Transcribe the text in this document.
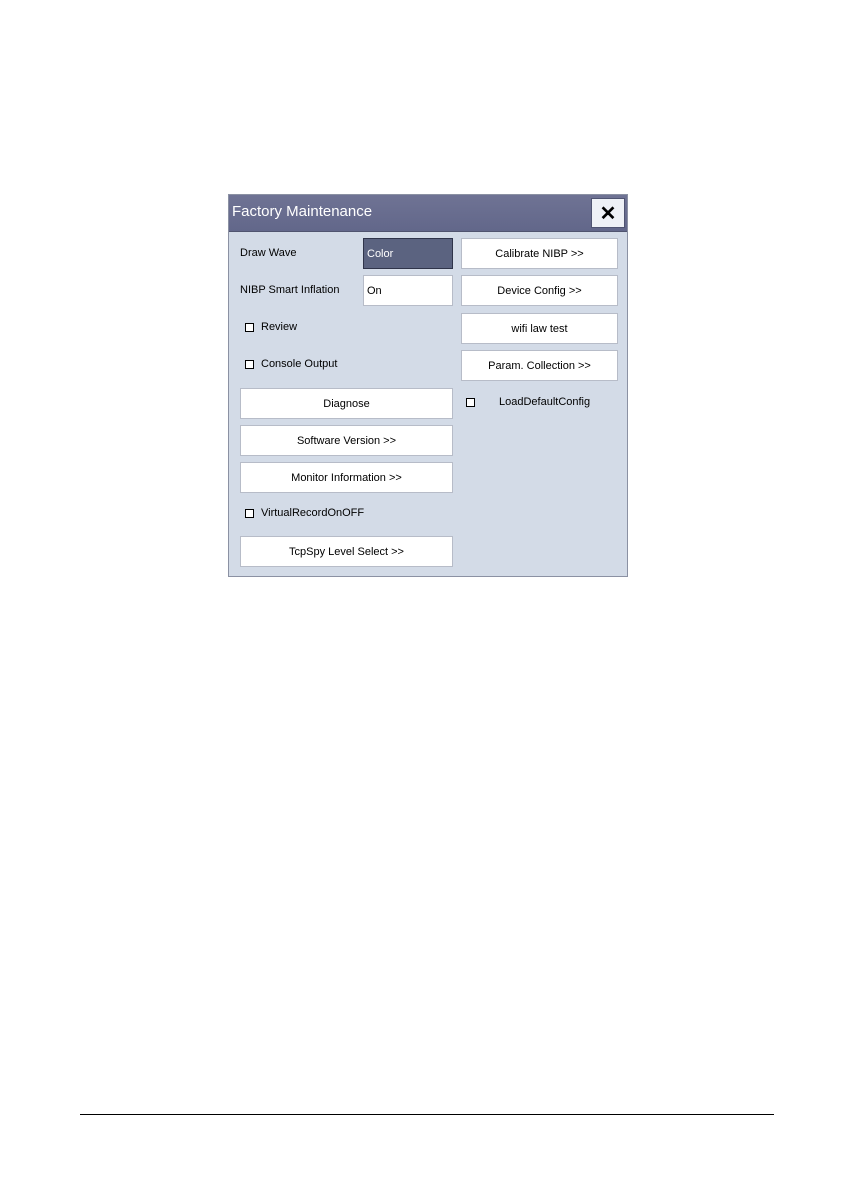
Factory Maintenance	✕
Draw Wave	Color	Calibrate NIBP >>
NIBP Smart Inflation	On	Device Config >>
Review	wifi law test
Console Output	Param. Collection >>
Diagnose	LoadDefaultConfig
Software Version >>
Monitor Information >>
VirtualRecordOnOFF
TcpSpy Level Select >>
